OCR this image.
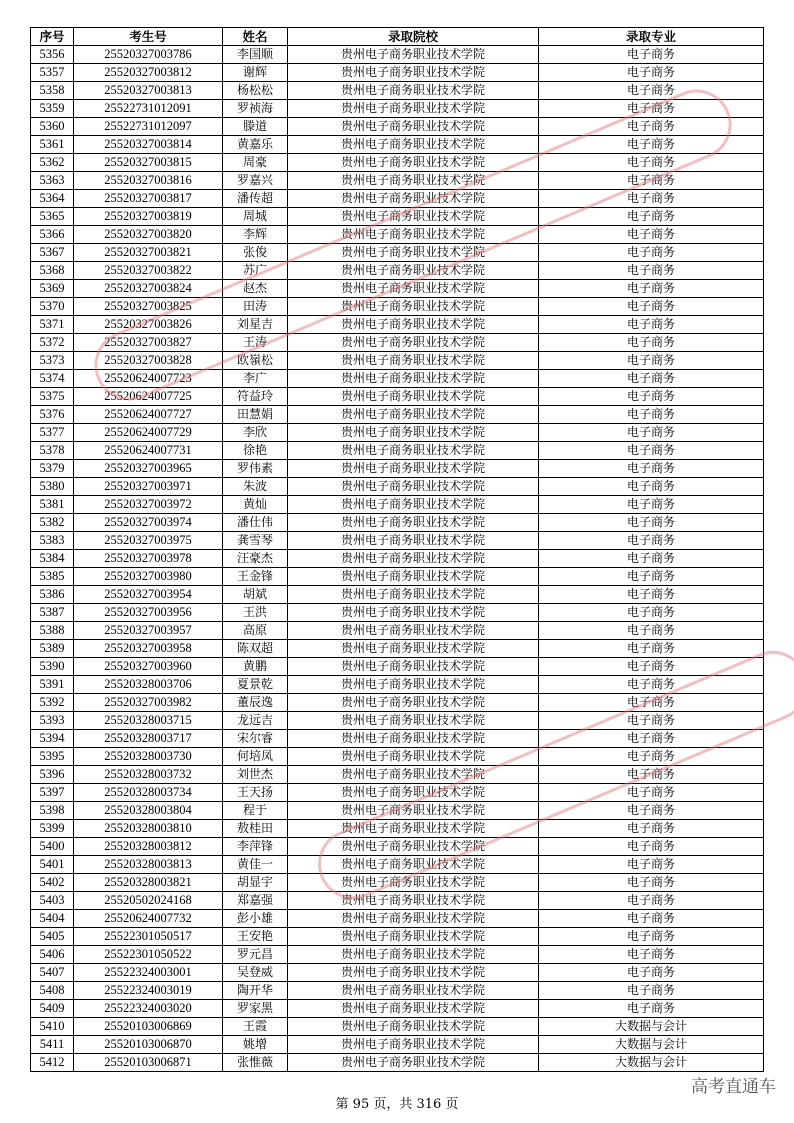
序号	考生号	姓名	录取院校	录取专业
5356	25520327003786	李国顺	贵州电子商务职业技术学院	电子商务
5357	25520327003812	谢辉	贵州电子商务职业技术学院	电子商务
5358	25520327003813	杨松松	贵州电子商务职业技术学院	电子商务
5359	25522731012091	罗祯海	贵州电子商务职业技术学院	电子商务
5360	25522731012097	滕道	贵州电子商务职业技术学院	电子商务
5361	25520327003814	黄嘉乐	贵州电子商务职业技术学院	电子商务
5362	25520327003815	周豪	贵州电子商务职业技术学院	电子商务
5363	25520327003816	罗嘉兴	贵州电子商务职业技术学院	电子商务
5364	25520327003817	潘传超	贵州电子商务职业技术学院	电子商务
5365	25520327003819	周城	贵州电子商务职业技术学院	电子商务
5366	25520327003820	李辉	贵州电子商务职业技术学院	电子商务
5367	25520327003821	张俊	贵州电子商务职业技术学院	电子商务
5368	25520327003822	苏广	贵州电子商务职业技术学院	电子商务
5369	25520327003824	赵杰	贵州电子商务职业技术学院	电子商务
5370	25520327003825	田涛	贵州电子商务职业技术学院	电子商务
5371	25520327003826	刘星吉	贵州电子商务职业技术学院	电子商务
5372	25520327003827	王涛	贵州电子商务职业技术学院	电子商务
5373	25520327003828	欧嶺松	贵州电子商务职业技术学院	电子商务
5374	25520624007723	李广	贵州电子商务职业技术学院	电子商务
5375	25520624007725	符益玲	贵州电子商务职业技术学院	电子商务
5376	25520624007727	田慧娟	贵州电子商务职业技术学院	电子商务
5377	25520624007729	李欣	贵州电子商务职业技术学院	电子商务
5378	25520624007731	徐艳	贵州电子商务职业技术学院	电子商务
5379	25520327003965	罗伟素	贵州电子商务职业技术学院	电子商务
5380	25520327003971	朱波	贵州电子商务职业技术学院	电子商务
5381	25520327003972	黄灿	贵州电子商务职业技术学院	电子商务
5382	25520327003974	潘仕伟	贵州电子商务职业技术学院	电子商务
5383	25520327003975	龚雪琴	贵州电子商务职业技术学院	电子商务
5384	25520327003978	汪豪杰	贵州电子商务职业技术学院	电子商务
5385	25520327003980	王金锋	贵州电子商务职业技术学院	电子商务
5386	25520327003954	胡斌	贵州电子商务职业技术学院	电子商务
5387	25520327003956	王洪	贵州电子商务职业技术学院	电子商务
5388	25520327003957	高原	贵州电子商务职业技术学院	电子商务
5389	25520327003958	陈双超	贵州电子商务职业技术学院	电子商务
5390	25520327003960	黄鹏	贵州电子商务职业技术学院	电子商务
5391	25520328003706	夏景乾	贵州电子商务职业技术学院	电子商务
5392	25520327003982	董辰逸	贵州电子商务职业技术学院	电子商务
5393	25520328003715	龙远吉	贵州电子商务职业技术学院	电子商务
5394	25520328003717	宋尔睿	贵州电子商务职业技术学院	电子商务
5395	25520328003730	何培凤	贵州电子商务职业技术学院	电子商务
5396	25520328003732	刘世杰	贵州电子商务职业技术学院	电子商务
5397	25520328003734	王天扬	贵州电子商务职业技术学院	电子商务
5398	25520328003804	程于	贵州电子商务职业技术学院	电子商务
5399	25520328003810	敖桂田	贵州电子商务职业技术学院	电子商务
5400	25520328003812	李萍锋	贵州电子商务职业技术学院	电子商务
5401	25520328003813	黄佳一	贵州电子商务职业技术学院	电子商务
5402	25520328003821	胡显宇	贵州电子商务职业技术学院	电子商务
5403	25520502024168	郑嘉强	贵州电子商务职业技术学院	电子商务
5404	25520624007732	彭小雄	贵州电子商务职业技术学院	电子商务
5405	25522301050517	王安艳	贵州电子商务职业技术学院	电子商务
5406	25522301050522	罗元昌	贵州电子商务职业技术学院	电子商务
5407	25522324003001	吴登威	贵州电子商务职业技术学院	电子商务
5408	25522324003019	陶开华	贵州电子商务职业技术学院	电子商务
5409	25522324003020	罗家黑	贵州电子商务职业技术学院	电子商务
5410	25520103006869	王霞	贵州电子商务职业技术学院	大数据与会计
5411	25520103006870	姚增	贵州电子商务职业技术学院	大数据与会计
5412	25520103006871	张惟薇	贵州电子商务职业技术学院	大数据与会计
第 95 页，共 316 页
高考直通车
